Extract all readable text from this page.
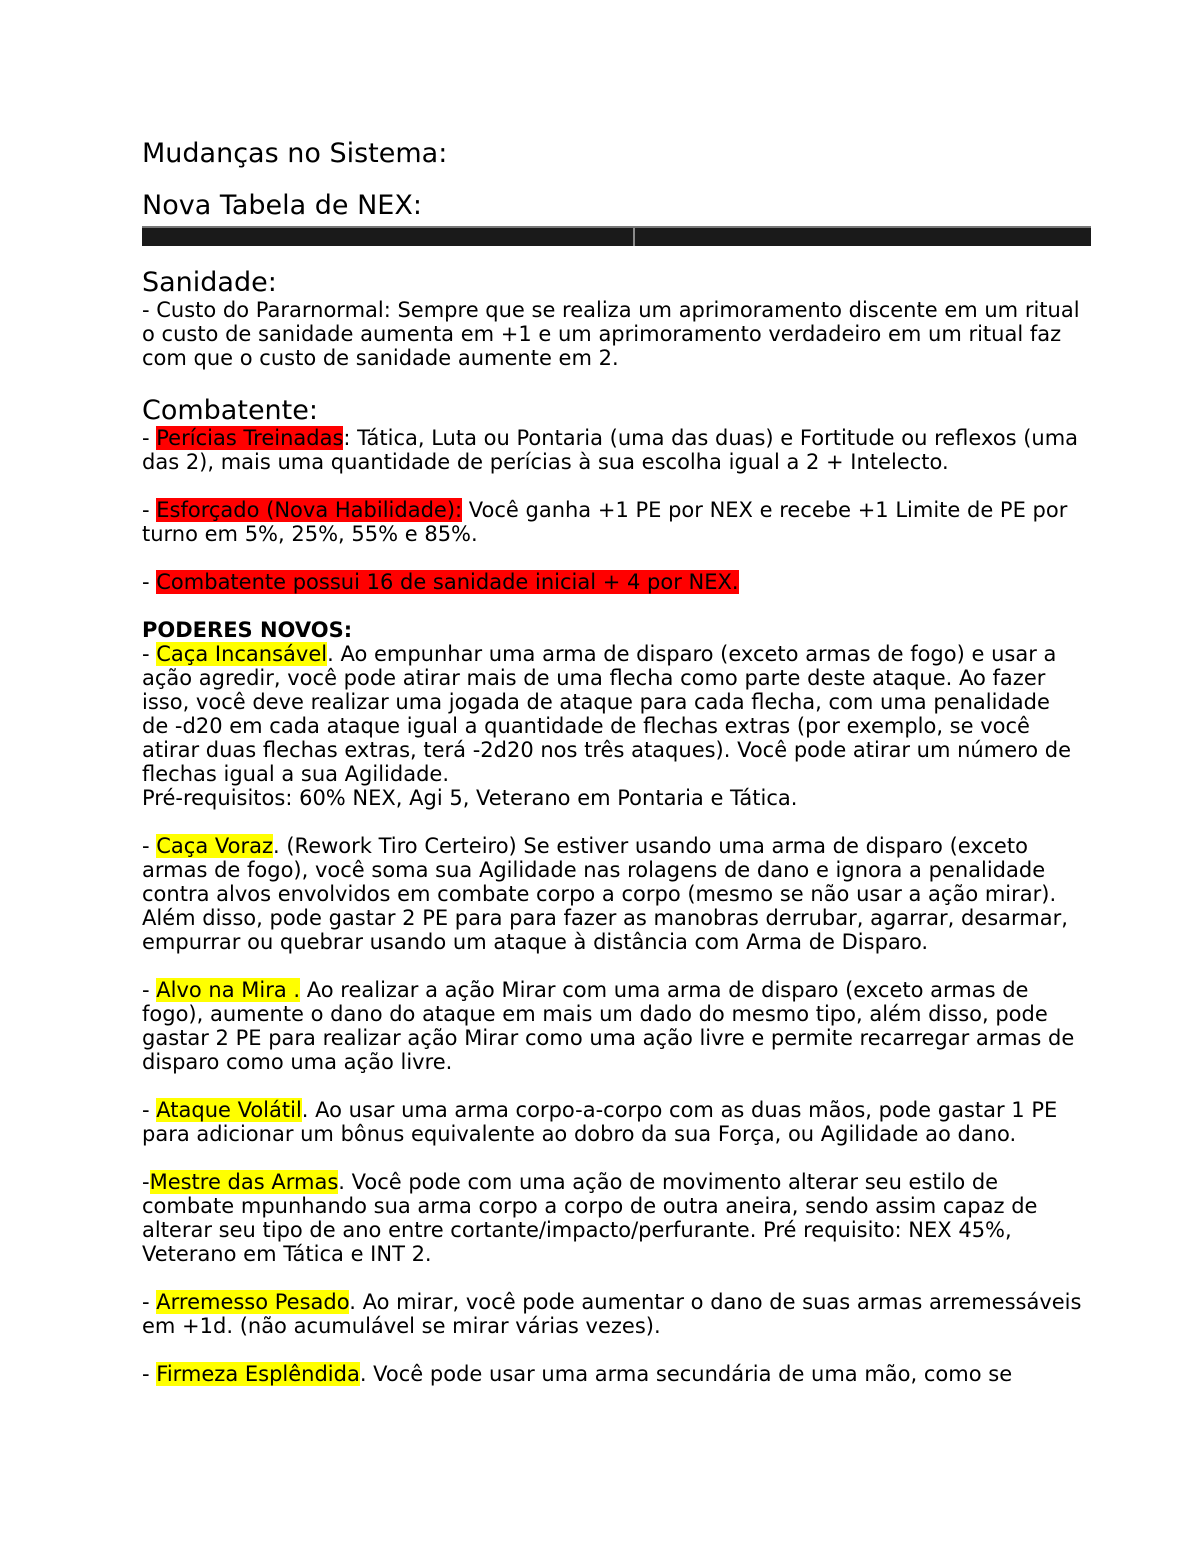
Mudanças no Sistema:

Nova Tabela de NEX:

Sanidade:

- Custo do Pararnormal: Sempre que se realiza um aprimoramento discente em um ritual o custo de sanidade aumenta em +1 e um aprimoramento verdadeiro em um ritual faz com que o custo de sanidade aumente em 2.

Combatente:

- Perícias Treinadas: Tática, Luta ou Pontaria (uma das duas) e Fortitude ou reflexos (uma das 2), mais uma quantidade de perícias à sua escolha igual a 2 + Intelecto.

- Esforçado (Nova Habilidade): Você ganha +1 PE por NEX e recebe +1 Limite de PE por turno em 5%, 25%, 55% e 85%.

- Combatente possui 16 de sanidade inicial + 4 por NEX.

PODERES NOVOS:

- Caça Incansável. Ao empunhar uma arma de disparo (exceto armas de fogo) e usar a ação agredir, você pode atirar mais de uma flecha como parte deste ataque. Ao fazer isso, você deve realizar uma jogada de ataque para cada flecha, com uma penalidade de -d20 em cada ataque igual a quantidade de flechas extras (por exemplo, se você atirar duas flechas extras, terá -2d20 nos três ataques). Você pode atirar um número de flechas igual a sua Agilidade.

Pré-requisitos: 60% NEX, Agi 5, Veterano em Pontaria e Tática.

- Caça Voraz. (Rework Tiro Certeiro) Se estiver usando uma arma de disparo (exceto armas de fogo), você soma sua Agilidade nas rolagens de dano e ignora a penalidade contra alvos envolvidos em combate corpo a corpo (mesmo se não usar a ação mirar). Além disso, pode gastar 2 PE para para fazer as manobras derrubar, agarrar, desarmar, empurrar ou quebrar usando um ataque à distância com Arma de Disparo.

- Alvo na Mira . Ao realizar a ação Mirar com uma arma de disparo (exceto armas de fogo), aumente o dano do ataque em mais um dado do mesmo tipo, além disso, pode gastar 2 PE para realizar ação Mirar como uma ação livre e permite recarregar armas de disparo como uma ação livre.

- Ataque Volátil. Ao usar uma arma corpo-a-corpo com as duas mãos, pode gastar 1 PE para adicionar um bônus equivalente ao dobro da sua Força, ou Agilidade ao dano.

-Mestre das Armas. Você pode com uma ação de movimento alterar seu estilo de combate mpunhando sua arma corpo a corpo de outra aneira, sendo assim capaz de alterar seu tipo de ano entre cortante/impacto/perfurante. Pré requisito: NEX 45%, Veterano em Tática e INT 2.

- Arremesso Pesado. Ao mirar, você pode aumentar o dano de suas armas arremessáveis em +1d. (não acumulável se mirar várias vezes).

- Firmeza Esplêndida. Você pode usar uma arma secundária de uma mão, como se
